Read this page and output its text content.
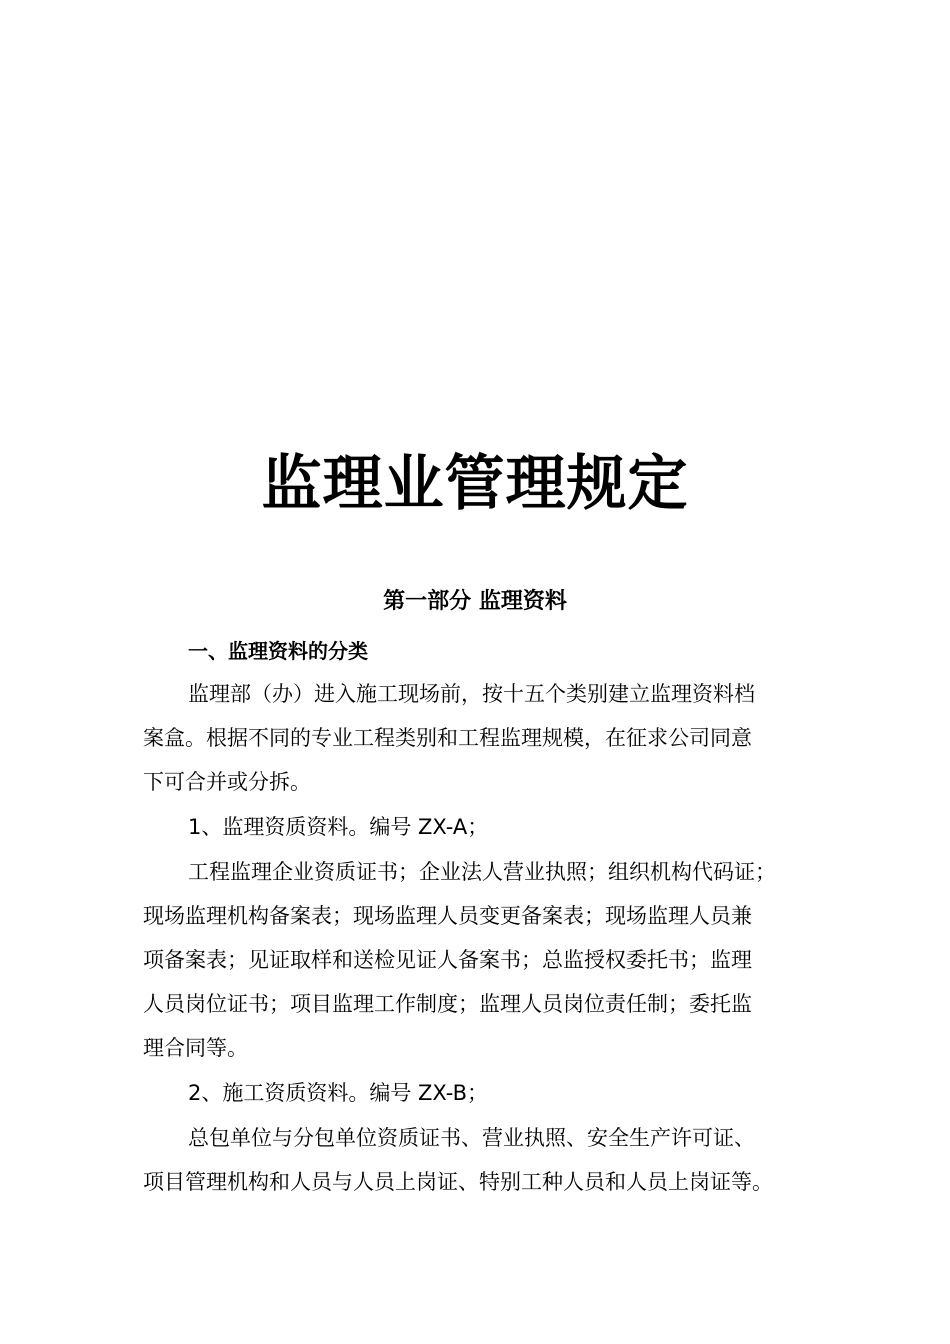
监理业管理规定
第一部分 监理资料
一、监理资料的分类
监理部（办）进入施工现场前，按十五个类别建立监理资料档
案盒。根据不同的专业工程类别和工程监理规模，在征求公司同意
下可合并或分拆。
1、监理资质资料。编号 ZX-A；
工程监理企业资质证书；企业法人营业执照；组织机构代码证；
现场监理机构备案表；现场监理人员变更备案表；现场监理人员兼
项备案表；见证取样和送检见证人备案书；总监授权委托书；监理
人员岗位证书；项目监理工作制度；监理人员岗位责任制；委托监
理合同等。
2、施工资质资料。编号 ZX-B；
总包单位与分包单位资质证书、营业执照、安全生产许可证、
项目管理机构和人员与人员上岗证、特别工种人员和人员上岗证等。
